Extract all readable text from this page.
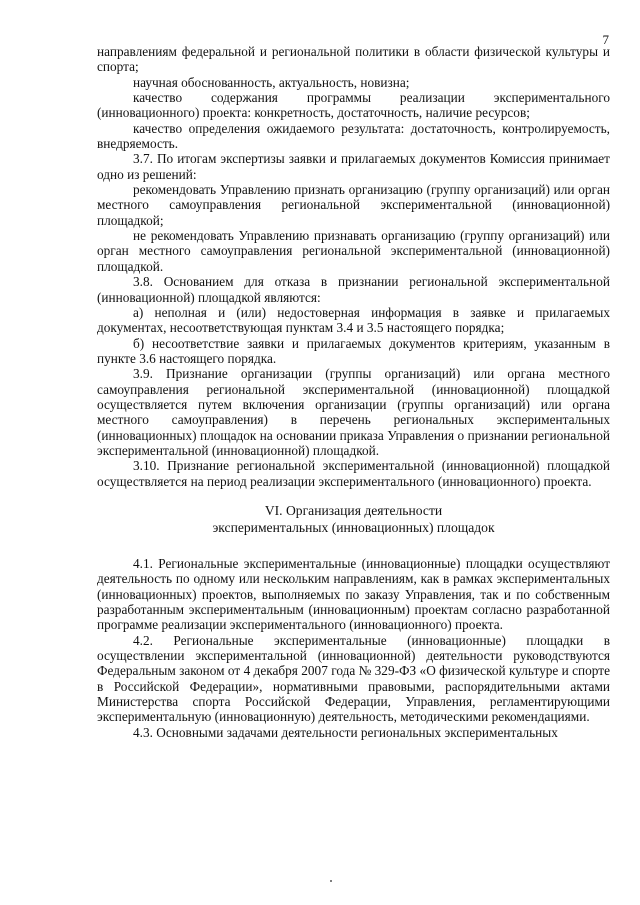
7

направлениям федеральной и региональной политики в области физической культуры и спорта;

научная обоснованность, актуальность, новизна;

качество содержания программы реализации экспериментального (инновационного) проекта: конкретность, достаточность, наличие ресурсов;

качество определения ожидаемого результата: достаточность, контролируемость, внедряемость.

3.7. По итогам экспертизы заявки и прилагаемых документов Комиссия принимает одно из решений:

рекомендовать Управлению признать организацию (группу организаций) или орган местного самоуправления региональной экспериментальной (инновационной) площадкой;

не рекомендовать Управлению признавать организацию (группу организаций) или орган местного самоуправления региональной экспериментальной (инновационной) площадкой.

3.8. Основанием для отказа в признании региональной экспериментальной (инновационной) площадкой являются:

а) неполная и (или) недостоверная информация в заявке и прилагаемых документах, несоответствующая пунктам 3.4 и 3.5 настоящего порядка;

б) несоответствие заявки и прилагаемых документов критериям, указанным в пункте 3.6 настоящего порядка.

3.9. Признание организации (группы организаций) или органа местного самоуправления региональной экспериментальной (инновационной) площадкой осуществляется путем включения организации (группы организаций) или органа местного самоуправления) в перечень региональных экспериментальных (инновационных) площадок на основании приказа Управления о признании региональной экспериментальной (инновационной) площадкой.

3.10. Признание региональной экспериментальной (инновационной) площадкой осуществляется на период реализации экспериментального (инновационного) проекта.

VI. Организация деятельности
экспериментальных (инновационных) площадок

4.1. Региональные экспериментальные (инновационные) площадки осуществляют деятельность по одному или нескольким направлениям, как в рамках экспериментальных (инновационных) проектов, выполняемых по заказу Управления, так и по собственным разработанным экспериментальным (инновационным) проектам согласно разработанной программе реализации экспериментального (инновационного) проекта.

4.2. Региональные экспериментальные (инновационные) площадки в осуществлении экспериментальной (инновационной) деятельности руководствуются Федеральным законом от 4 декабря 2007 года № 329-ФЗ «О физической культуре и спорте в Российской Федерации», нормативными правовыми, распорядительными актами Министерства спорта Российской Федерации, Управления, регламентирующими экспериментальную (инновационную) деятельность, методическими рекомендациями.

4.3. Основными задачами деятельности региональных экспериментальных
